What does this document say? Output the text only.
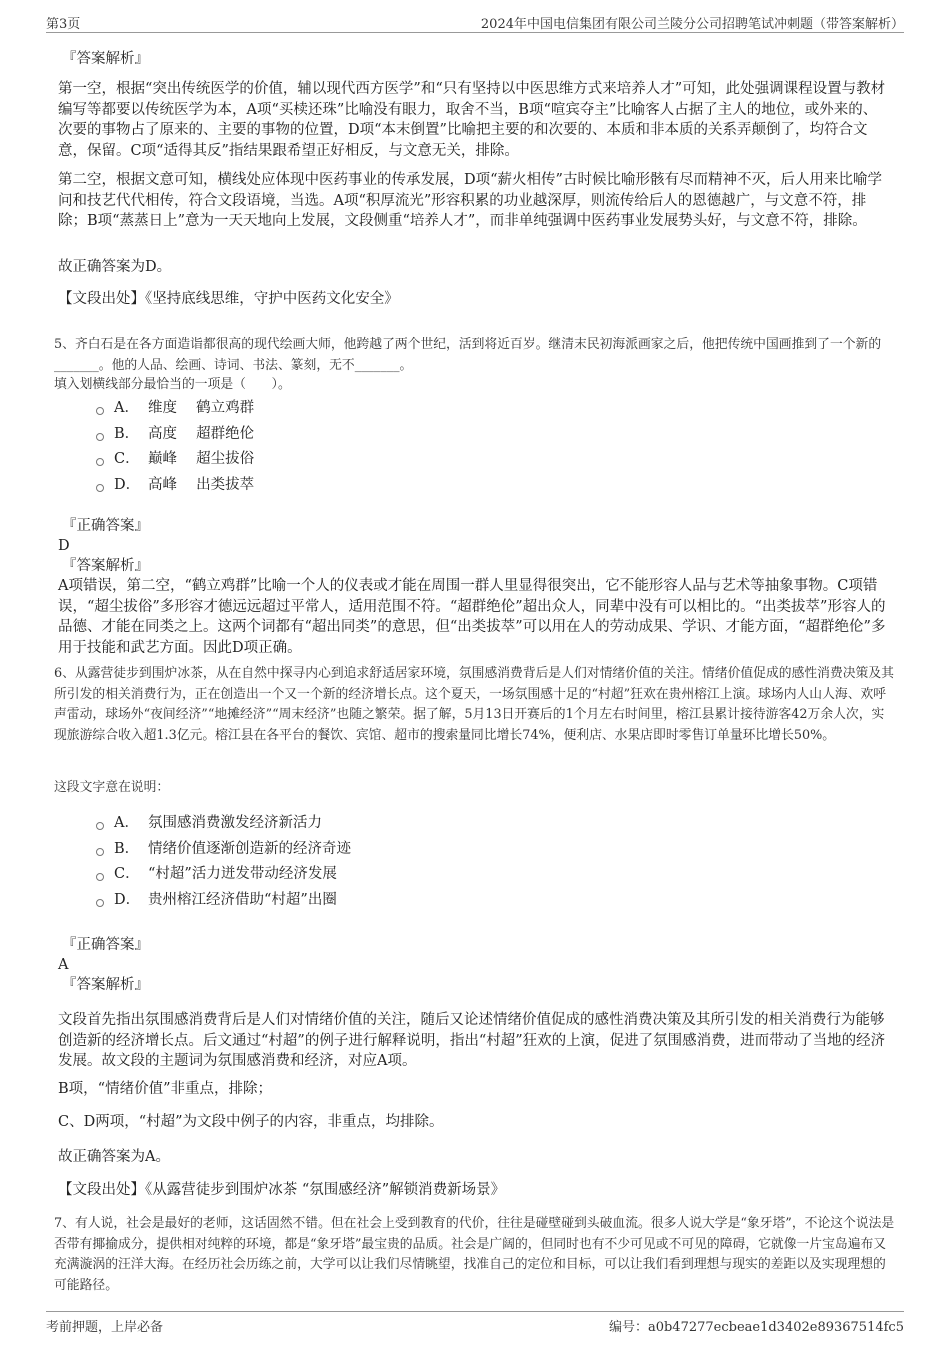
第3页	2024年中国电信集团有限公司兰陵分公司招聘笔试冲刺题（带答案解析）
『答案解析』
第一空，根据“突出传统医学的价值，辅以现代西方医学”和“只有坚持以中医思维方式来培养人才”可知，此处强调课程设置与教材编写等都要以传统医学为本，A项“买椟还珠”比喻没有眼力，取舍不当，B项“喧宾夺主”比喻客人占据了主人的地位，或外来的、次要的事物占了原来的、主要的事物的位置，D项“本末倒置”比喻把主要的和次要的、本质和非本质的关系弄颠倒了，均符合文意，保留。C项“适得其反”指结果跟希望正好相反，与文意无关，排除。
第二空，根据文意可知，横线处应体现中医药事业的传承发展，D项“薪火相传”古时候比喻形骸有尽而精神不灭，后人用来比喻学问和技艺代代相传，符合文段语境，当选。A项“积厚流光”形容积累的功业越深厚，则流传给后人的恩德越广，与文意不符，排除；B项“蒸蒸日上”意为一天天地向上发展，文段侧重“培养人才”，而非单纯强调中医药事业发展势头好，与文意不符，排除。
故正确答案为D。
【文段出处】《坚持底线思维，守护中医药文化安全》
5、齐白石是在各方面造诣都很高的现代绘画大师，他跨越了两个世纪，活到将近百岁。继清末民初海派画家之后，他把传统中国画推到了一个新的_______。他的人品、绘画、诗词、书法、篆刻，无不_______。
填入划横线部分最恰当的一项是（　　）。
A． 维度　 鹤立鸡群
B． 高度　 超群绝伦
C． 巅峰　 超尘拔俗
D． 高峰　 出类拔萃
『正确答案』
D
『答案解析』
A项错误，第二空，“鹤立鸡群”比喻一个人的仪表或才能在周围一群人里显得很突出，它不能形容人品与艺术等抽象事物。C项错误，“超尘拔俗”多形容才德远远超过平常人，适用范围不符。“超群绝伦”超出众人，同辈中没有可以相比的。“出类拔萃”形容人的品德、才能在同类之上。这两个词都有“超出同类”的意思，但“出类拔萃”可以用在人的劳动成果、学识、才能方面，“超群绝伦”多用于技能和武艺方面。因此D项正确。
6、从露营徒步到围炉冰茶，从在自然中探寻内心到追求舒适居家环境，氛围感消费背后是人们对情绪价值的关注。情绪价值促成的感性消费决策及其所引发的相关消费行为，正在创造出一个又一个新的经济增长点。这个夏天，一场氛围感十足的“村超”狂欢在贵州榕江上演。球场内人山人海、欢呼声雷动，球场外“夜间经济”“地摊经济”“周末经济”也随之繁荣。据了解，5月13日开赛后的1个月左右时间里，榕江县累计接待游客42万余人次，实现旅游综合收入超1.3亿元。榕江县在各平台的餐饮、宾馆、超市的搜索量同比增长74%，便利店、水果店即时零售订单量环比增长50%。
这段文字意在说明：
A． 氛围感消费激发经济新活力
B． 情绪价值逐渐创造新的经济奇迹
C． “村超”活力迸发带动经济发展
D． 贵州榕江经济借助“村超”出圈
『正确答案』
A
『答案解析』
文段首先指出氛围感消费背后是人们对情绪价值的关注，随后又论述情绪价值促成的感性消费决策及其所引发的相关消费行为能够创造新的经济增长点。后文通过“村超”的例子进行解释说明，指出“村超”狂欢的上演，促进了氛围感消费，进而带动了当地的经济发展。故文段的主题词为氛围感消费和经济，对应A项。
B项，“情绪价值”非重点，排除；
C、D两项，“村超”为文段中例子的内容，非重点，均排除。
故正确答案为A。
【文段出处】《从露营徒步到围炉冰茶 “氛围感经济”解锁消费新场景》
7、有人说，社会是最好的老师，这话固然不错。但在社会上受到教育的代价，往往是碰壁碰到头破血流。很多人说大学是“象牙塔”，不论这个说法是否带有揶揄成分，提供相对纯粹的环境，都是“象牙塔”最宝贵的品质。社会是广阔的，但同时也有不少可见或不可见的障碍，它就像一片宝岛遍布又充满漩涡的汪洋大海。在经历社会历练之前，大学可以让我们尽情眺望，找准自己的定位和目标，可以让我们看到理想与现实的差距以及实现理想的可能路径。
考前押题，上岸必备	编号：a0b47277ecbeae1d3402e89367514fc5
